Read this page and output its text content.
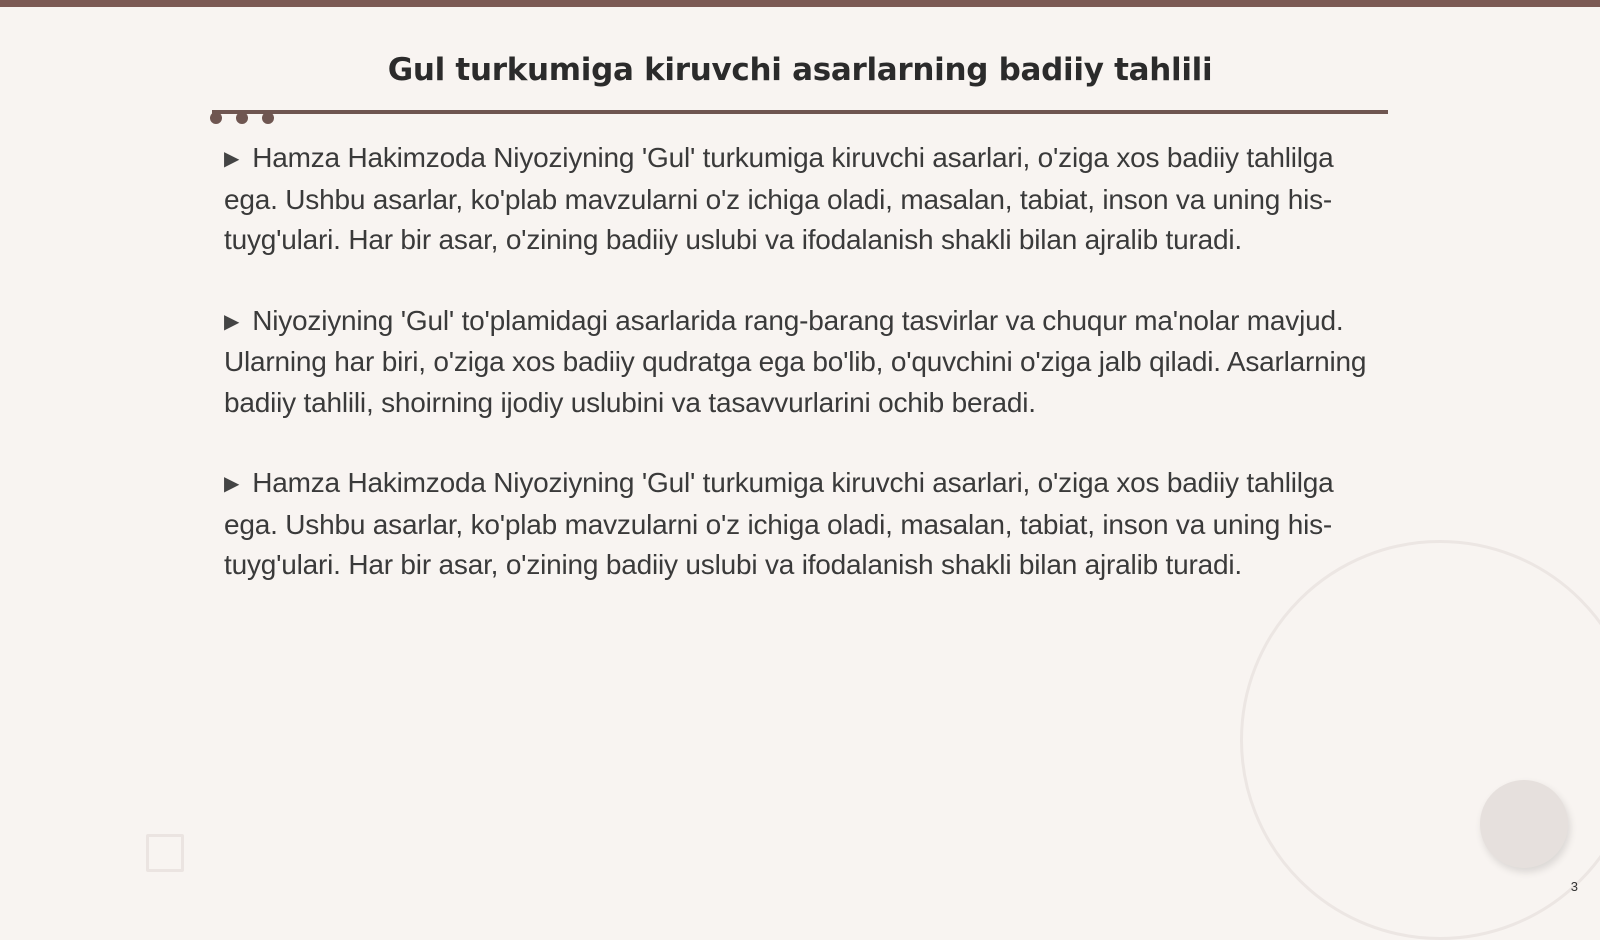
Gul turkumiga kiruvchi asarlarning badiiy tahlili

▶ Hamza Hakimzoda Niyoziyning 'Gul' turkumiga kiruvchi asarlari, o'ziga xos badiiy tahlilga ega. Ushbu asarlar, ko'plab mavzularni o'z ichiga oladi, masalan, tabiat, inson va uning his-tuyg'ulari. Har bir asar, o'zining badiiy uslubi va ifodalanish shakli bilan ajralib turadi.

▶ Niyoziyning 'Gul' to'plamidagi asarlarida rang-barang tasvirlar va chuqur ma'nolar mavjud. Ularning har biri, o'ziga xos badiiy qudratga ega bo'lib, o'quvchini o'ziga jalb qiladi. Asarlarning badiiy tahlili, shoirning ijodiy uslubini va tasavvurlarini ochib beradi.

▶ Hamza Hakimzoda Niyoziyning 'Gul' turkumiga kiruvchi asarlari, o'ziga xos badiiy tahlilga ega. Ushbu asarlar, ko'plab mavzularni o'z ichiga oladi, masalan, tabiat, inson va uning his-tuyg'ulari. Har bir asar, o'zining badiiy uslubi va ifodalanish shakli bilan ajralib turadi.

3
